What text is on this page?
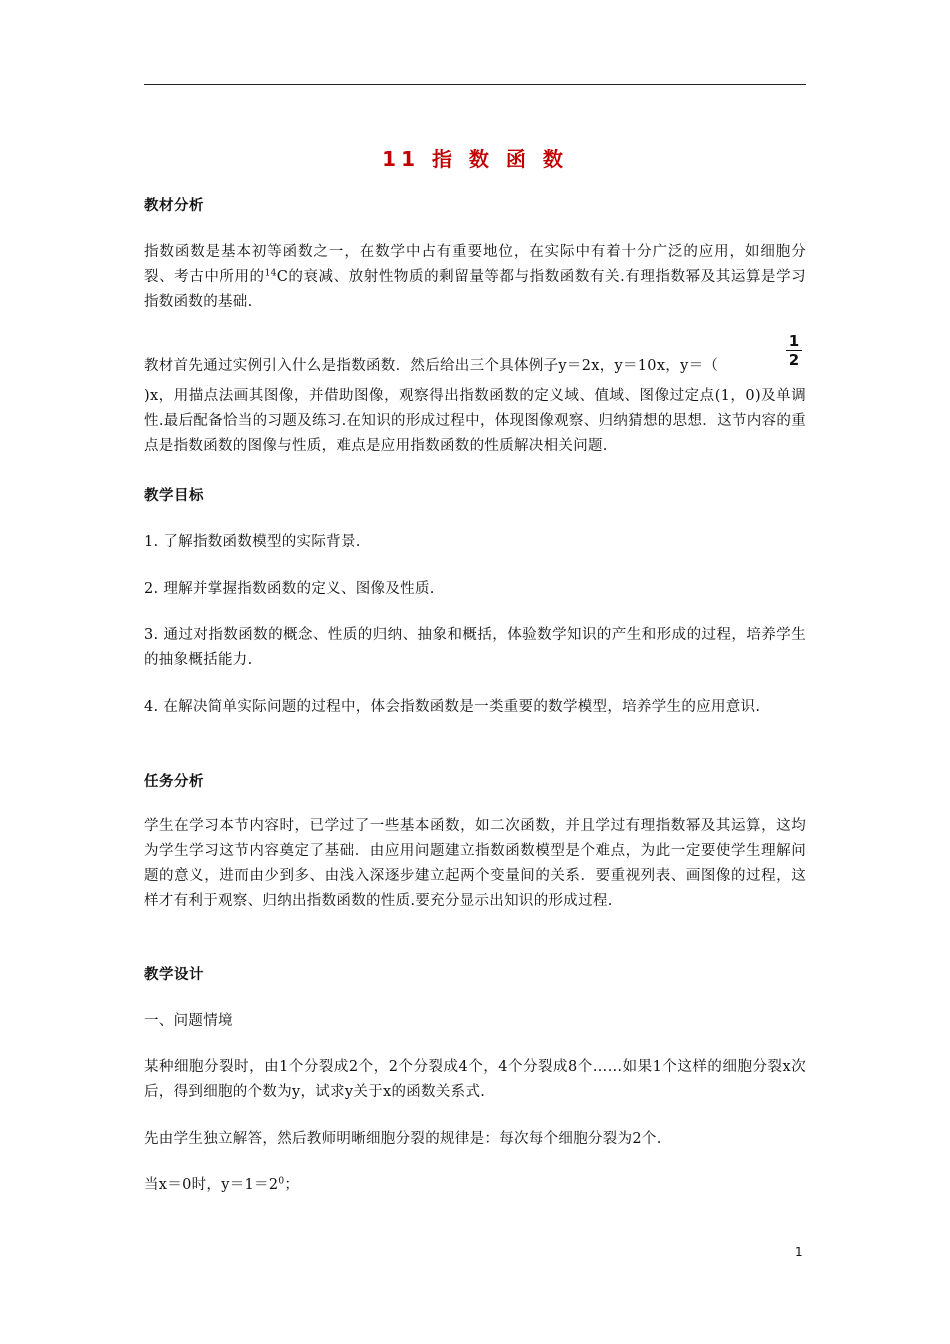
11 指 数 函 数
教材分析
指数函数是基本初等函数之一，在数学中占有重要地位，在实际中有着十分广泛的应用，如细胞分裂、考古中所用的$^{14}$C的衰减、放射性物质的剩留量等都与指数函数有关.有理指数幂及其运算是学习指数函数的基础.
教材首先通过实例引入什么是指数函数．然后给出三个具体例子y＝2x，y＝10x，y＝（
1
2
)x，用描点法画其图像，并借助图像，观察得出指数函数的定义域、值域、图像过定点(1，0)及单调性.最后配备恰当的习题及练习.在知识的形成过程中，体现图像观察、归纳猜想的思想．这节内容的重点是指数函数的图像与性质，难点是应用指数函数的性质解决相关问题.
教学目标
1. 了解指数函数模型的实际背景.
2. 理解并掌握指数函数的定义、图像及性质.
3. 通过对指数函数的概念、性质的归纳、抽象和概括，体验数学知识的产生和形成的过程，培养学生的抽象概括能力.
4. 在解决简单实际问题的过程中，体会指数函数是一类重要的数学模型，培养学生的应用意识.
任务分析
学生在学习本节内容时，已学过了一些基本函数，如二次函数，并且学过有理指数幂及其运算，这均为学生学习这节内容奠定了基础．由应用问题建立指数函数模型是个难点，为此一定要使学生理解问题的意义，进而由少到多、由浅入深逐步建立起两个变量间的关系．要重视列表、画图像的过程，这样才有利于观察、归纳出指数函数的性质.要充分显示出知识的形成过程.
教学设计
一、问题情境
某种细胞分裂时，由1个分裂成2个，2个分裂成4个，4个分裂成8个……如果1个这样的细胞分裂x次后，得到细胞的个数为y，试求y关于x的函数关系式.
先由学生独立解答，然后教师明晰细胞分裂的规律是：每次每个细胞分裂为2个.
当x＝0时，$y=1=2^0$；
1
